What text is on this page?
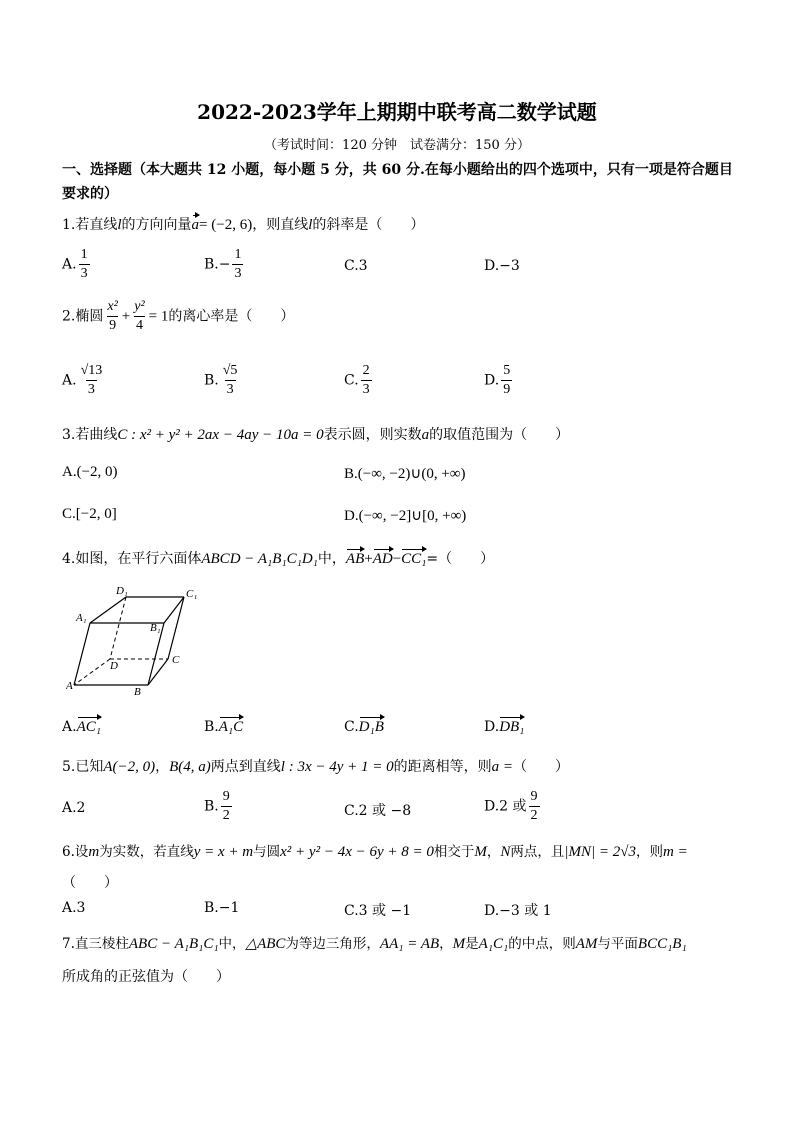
2022-2023学年上期期中联考高二数学试题
（考试时间：120 分钟　试卷满分：150 分）
一、选择题（本大题共 12 小题，每小题 5 分，共 60 分.在每小题给出的四个选项中，只有一项是符合题目要求的）
1.若直线l的方向向量a= (−2, 6)，则直线l的斜率是（　　）
A. $\frac{1}{3}$	$B.- \frac{1}{3}$	C.3	D.−3
2.椭圆 $\frac{\text{x²}}{9} + \frac{\text{y²}}{4} = 1$的离心率是（　　）
A. $\frac{√13}{3}$	B. $\frac{√5}{3}$	C. $\frac{2}{3}$	D. $\frac{5}{9}$
3.若曲线C : x² + y² + 2ax − 4ay − 10a = 0表示圆，则实数a的取值范围为（　　）
A.(−2, 0)	B.(−∞, −2)∪(0, +∞)
C.[−2, 0]	D.(−∞, −2]∪[0, +∞)
4.如图，在平行六面体ABCD − A₁B₁C₁D₁中，AB+AD−CC₁=（　　）
D₁	C₁
A₁
B₁
D	C
A	B
A.AC₁	B.A₁C	C.D₁B	D.DB₁
5.已知A(−2, 0)，B(4, a)两点到直线l : 3x − 4y + 1 = 0的距离相等，则a =（　　）
A.2	B. $\frac{9}{2}$	C.2 或 −8	D.2 或 $\frac{9}{2}$
6.设m为实数，若直线y = x + m与圆x² + y² − 4x − 6y + 8 = 0相交于M，N两点，且|MN| = 2√3，则m =
（　　）
A.3	B.−1	C.3 或 −1	D.−3 或 1
7.直三棱柱ABC − A₁B₁C₁中，△ABC为等边三角形，AA₁ = AB，M是A₁C₁的中点，则AM与平面BCC₁B₁
所成角的正弦值为（　　）
